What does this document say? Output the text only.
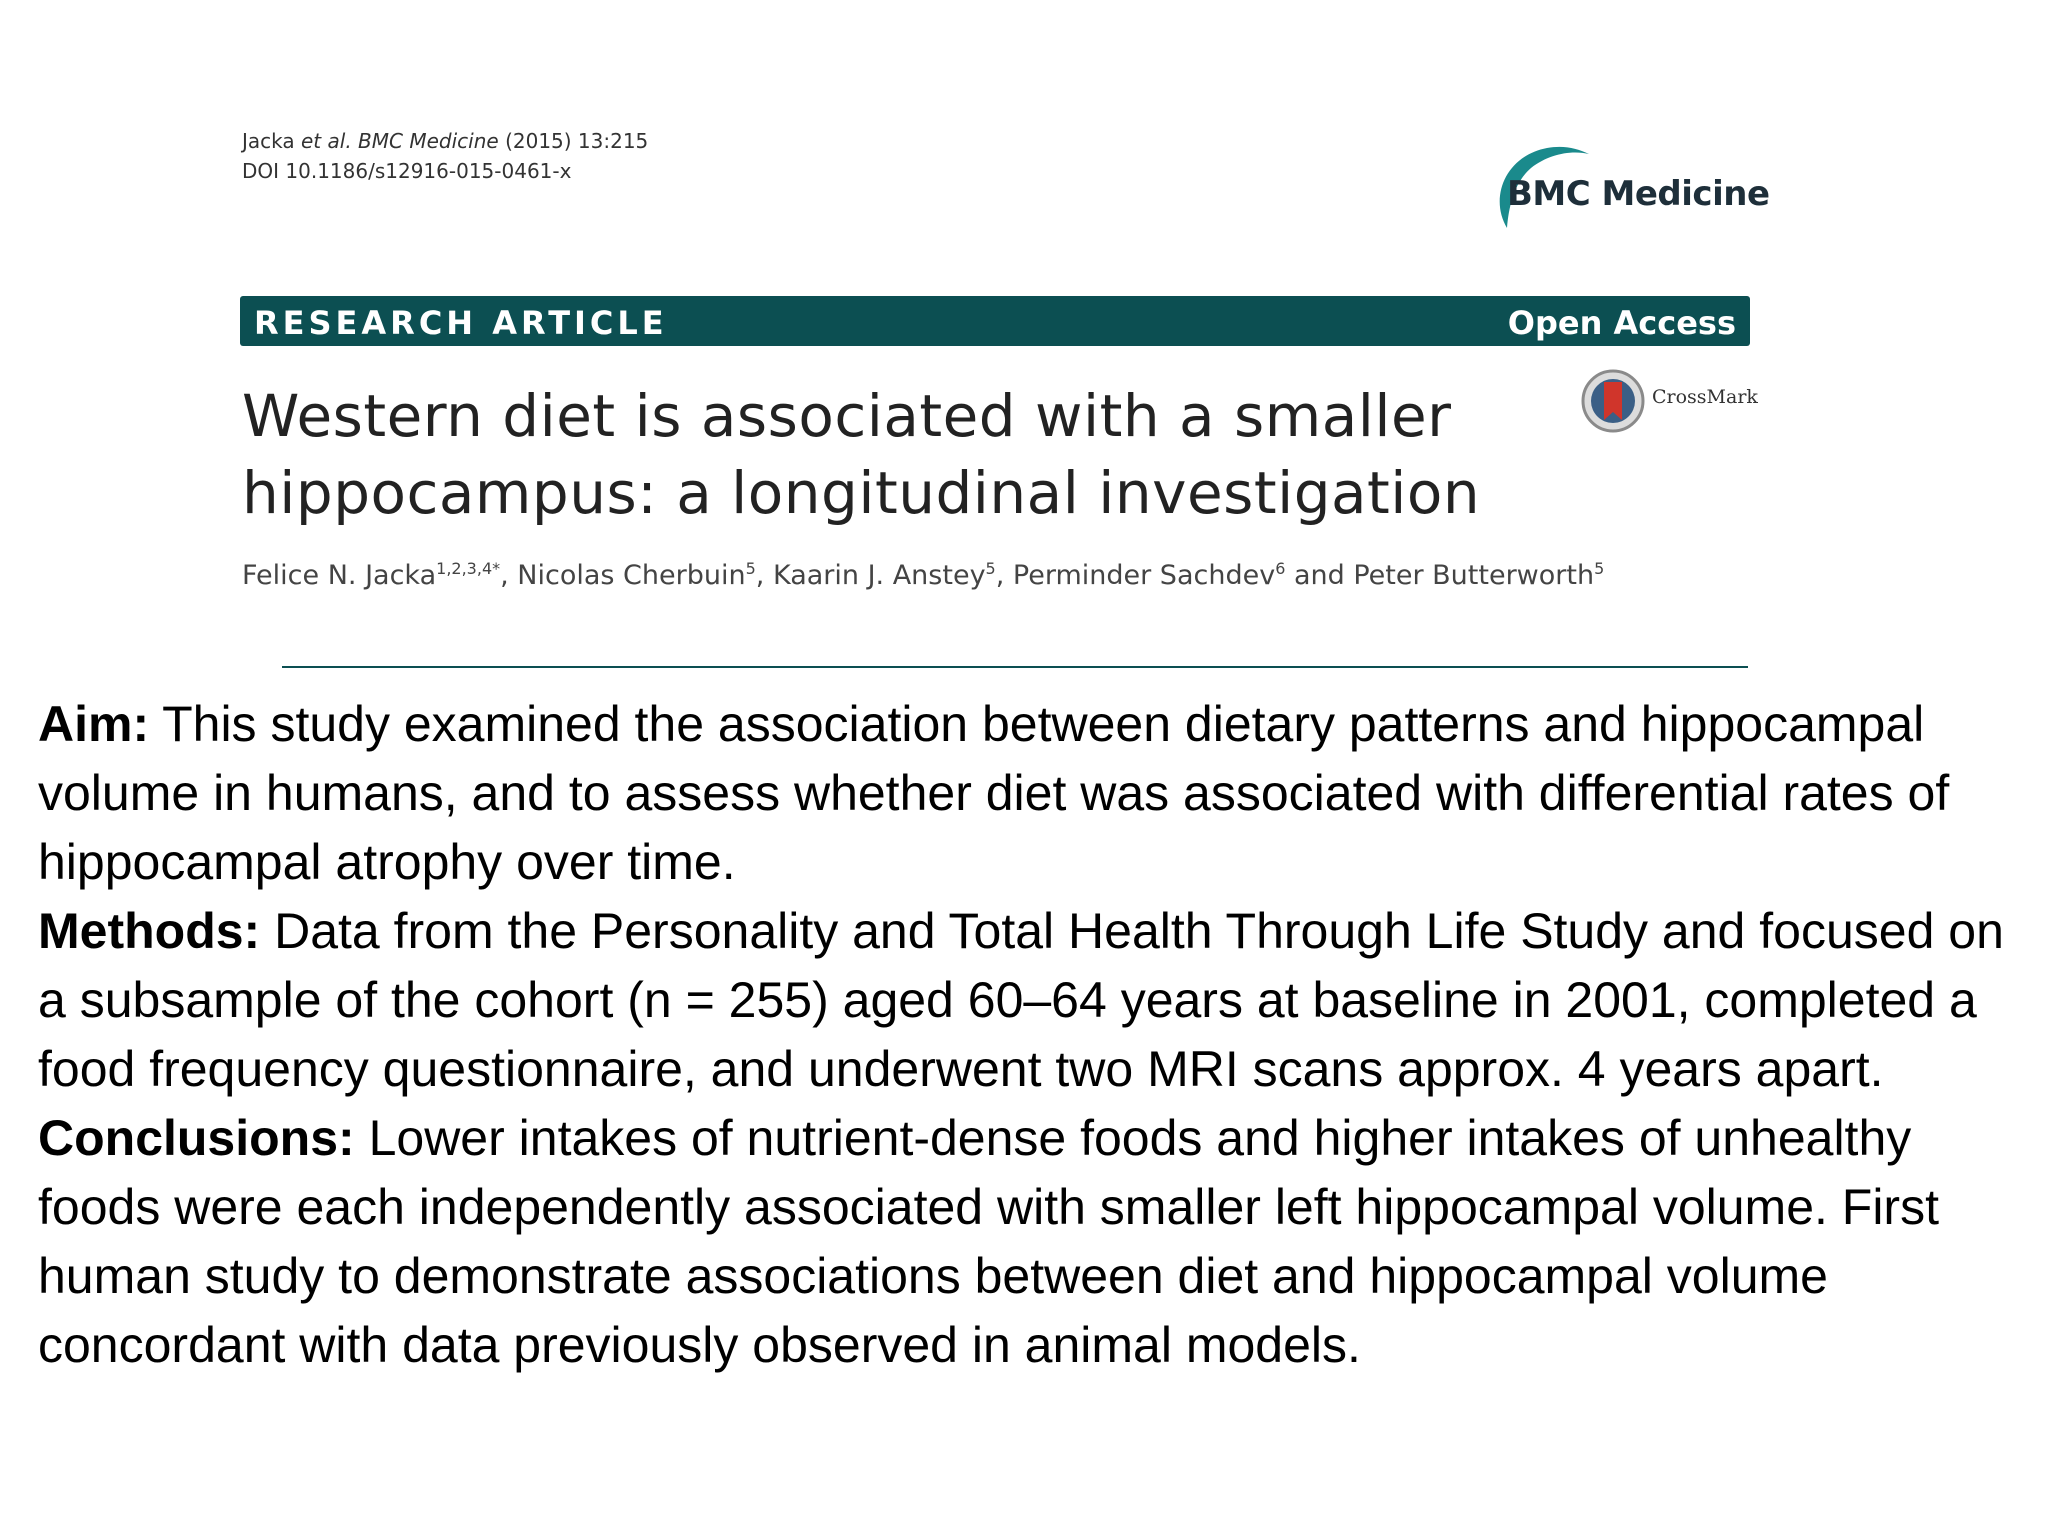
Jacka et al. BMC Medicine (2015) 13:215
DOI 10.1186/s12916-015-0461-x
BMC Medicine
RESEARCH ARTICLE	Open Access
CrossMark
Western diet is associated with a smaller
hippocampus: a longitudinal investigation
Felice N. Jacka$^{1,2,3,4*}$, Nicolas Cherbuin$^5$, Kaarin J. Anstey$^5$, Perminder Sachdev$^6$ and Peter Butterworth$^5$

Aim: This study examined the association between dietary patterns and hippocampal volume in humans, and to assess whether diet was associated with differential rates of hippocampal atrophy over time.

Methods: Data from the Personality and Total Health Through Life Study and focused on a subsample of the cohort (n = 255) aged 60–64 years at baseline in 2001, completed a food frequency questionnaire, and underwent two MRI scans approx. 4 years apart.

Conclusions: Lower intakes of nutrient-dense foods and higher intakes of unhealthy foods were each independently associated with smaller left hippocampal volume. First human study to demonstrate associations between diet and hippocampal volume concordant with data previously observed in animal models.
